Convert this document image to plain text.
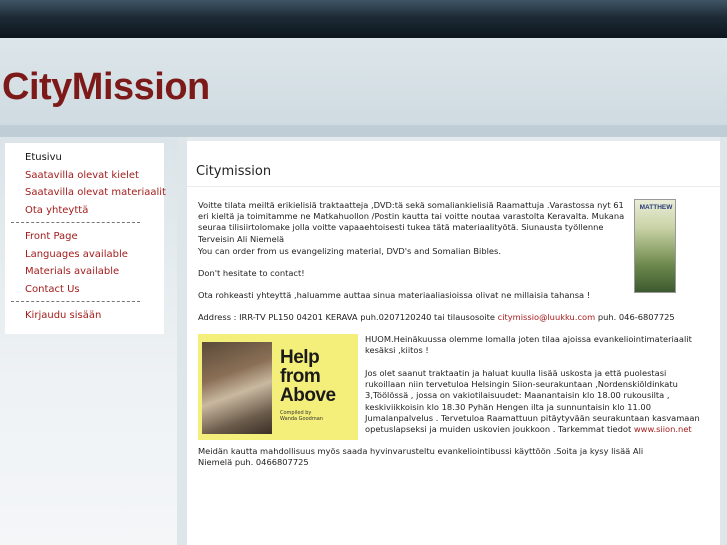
CityMission
Etusivu
Saatavilla olevat kielet
Saatavilla olevat materiaalit
Ota yhteyttä
Front Page
Languages available
Materials available
Contact Us
Kirjaudu sisään
Citymission

Voitte tilata meiltä erikielisiä traktaatteja ,DVD:tä sekä somaliankielisiä Raamattuja .Varastossa nyt 61 eri kieltä ja toimitamme ne Matkahuollon /Postin kautta tai voitte noutaa varastolta Keravalta. Mukana seuraa tilisiirtolomake jolla voitte vapaaehtoisesti tukea tätä materiaalityötä. Siunausta työllenne Terveisin Ali Niemelä

MATTHEW

You can order from us evangelizing material, DVD's and Somalian Bibles.

Don't hesitate to contact!

Ota rohkeasti yhteyttä ,haluamme auttaa sinua materiaaliasioissa olivat ne millaisia tahansa !

Address : IRR-TV PL150 04201 KERAVA puh.0207120240 tai tilausosoite citymissio@luukku.com puh. 046-6807725

Help from Above
Compiled by
Wanda Goodman

HUOM.Heinäkuussa olemme lomalla joten tilaa ajoissa evankeliointimateriaalit kesäksi ,kiitos !

Jos olet saanut traktaatin ja haluat kuulla lisää uskosta ja että puolestasi rukoillaan niin tervetuloa Helsingin Siion-seurakuntaan ,Nordenskiöldinkatu 3,Töölössä , jossa on vakiotilaisuudet: Maanantaisin klo 18.00 rukousilta , keskiviikkoisin klo 18.30 Pyhän Hengen ilta ja sunnuntaisin klo 11.00 Jumalanpalvelus . Tervetuloa Raamattuun pitäytyvään seurakuntaan kasvamaan opetuslapseksi ja muiden uskovien joukkoon . Tarkemmat tiedot www.siion.net

Meidän kautta mahdollisuus myös saada hyvinvarusteltu evankeliointibussi käyttöön .Soita ja kysy lisää Ali Niemelä puh. 0466807725
